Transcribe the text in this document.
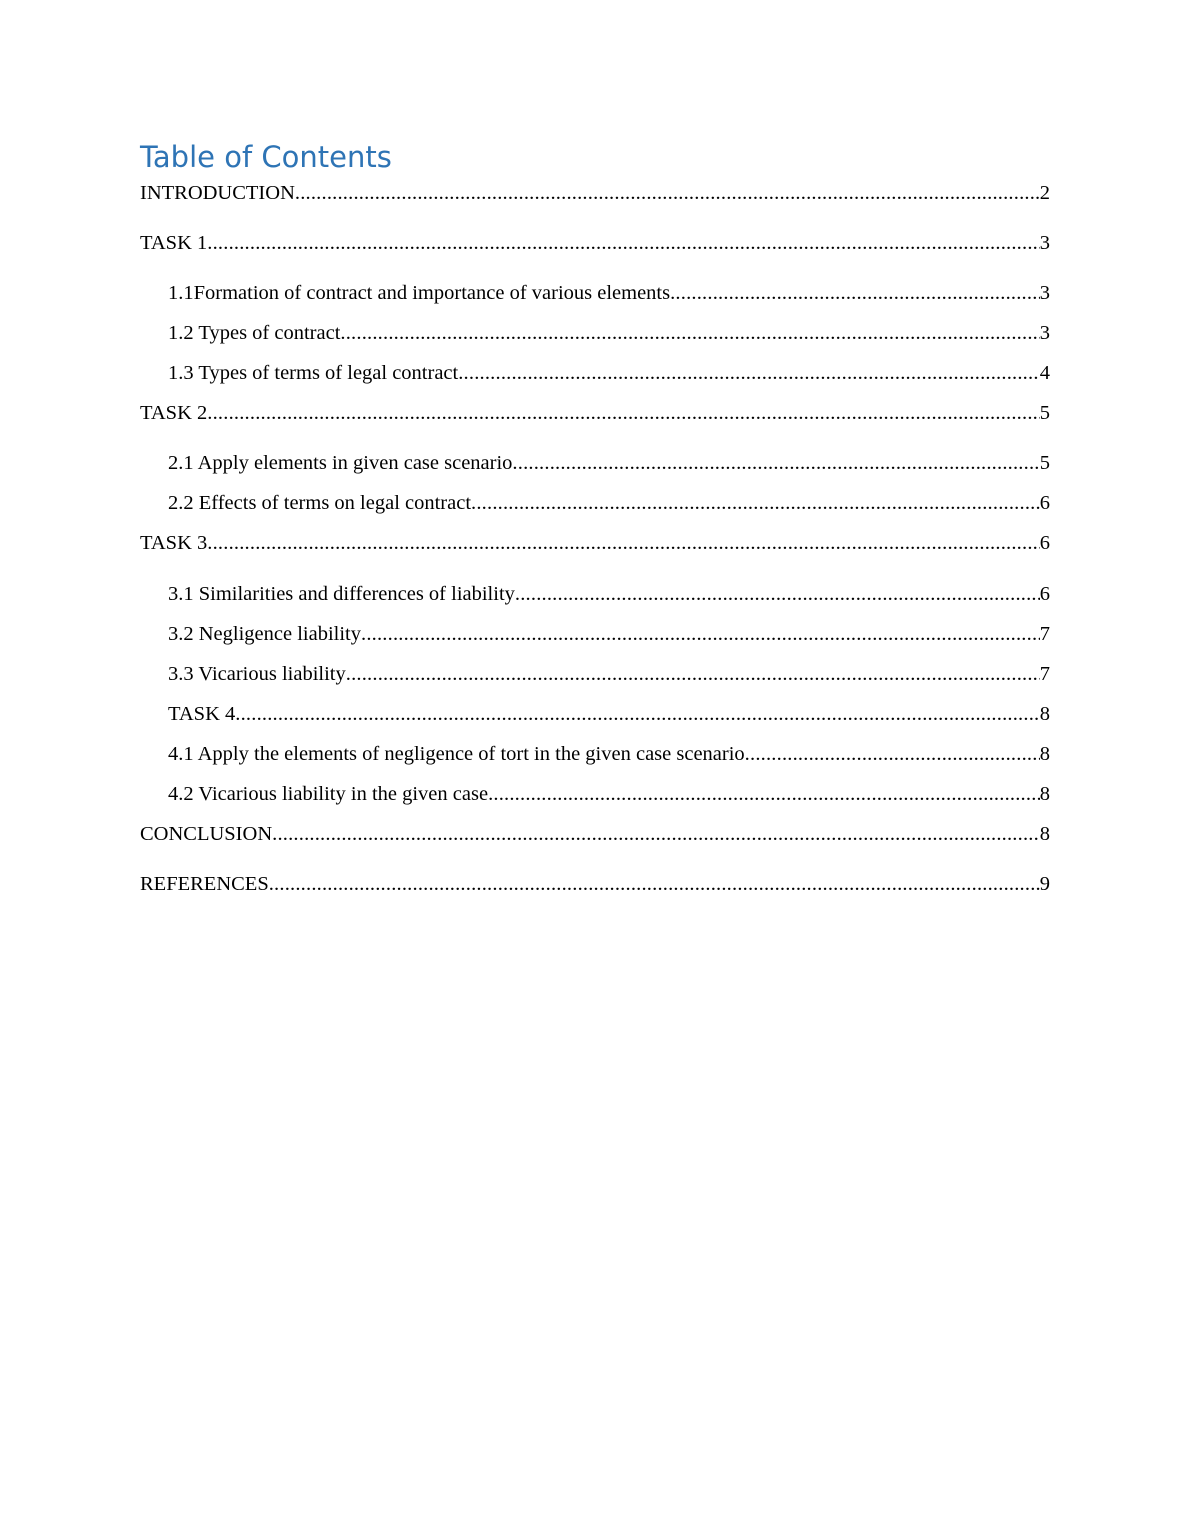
Table of Contents
INTRODUCTION .....	2
TASK 1 .....	3
1.1Formation of contract and importance of various elements .....	3
1.2 Types of contract .....	3
1.3 Types of terms of legal contract .....	4
TASK 2 .....	5
2.1 Apply elements in given case scenario .....	5
2.2 Effects of terms on legal contract .....	6
TASK 3 .....	6
3.1 Similarities and differences of liability .....	6
3.2 Negligence liability .....	7
3.3 Vicarious liability .....	7
TASK 4 .....	8
4.1 Apply the elements of negligence of tort in the given case scenario .....	8
4.2 Vicarious liability in the given case .....	8
CONCLUSION .....	8
REFERENCES .....	9
